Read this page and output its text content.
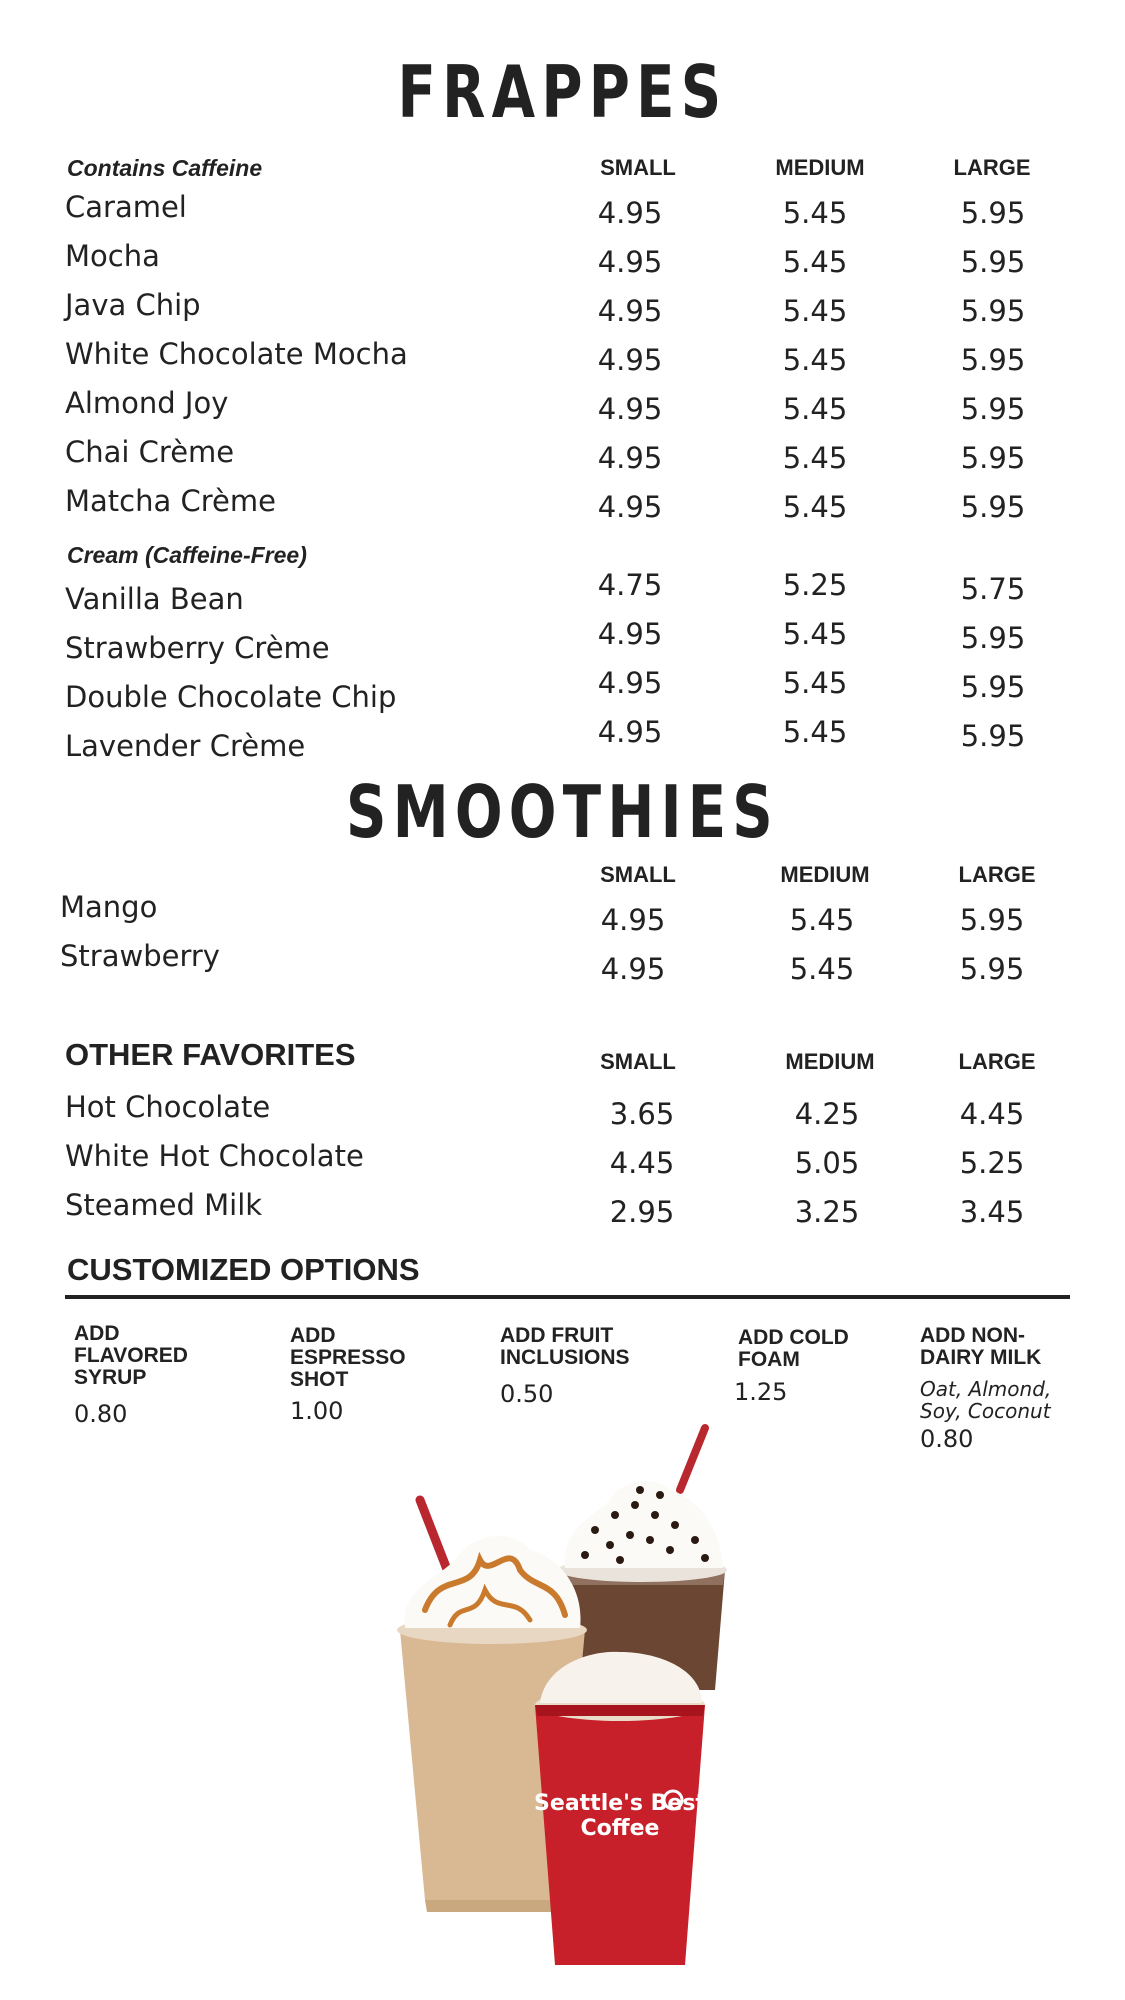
FRAPPES
Contains Caffeine	SMALL	MEDIUM	LARGE
Caramel	4.95	5.45	5.95
Mocha	4.95	5.45	5.95
Java Chip	4.95	5.45	5.95
White Chocolate Mocha	4.95	5.45	5.95
Almond Joy	4.95	5.45	5.95
Chai Crème	4.95	5.45	5.95
Matcha Crème	4.95	5.45	5.95
Cream (Caffeine-Free)
Vanilla Bean	4.75	5.25	5.75
Strawberry Crème	4.95	5.45	5.95
Double Chocolate Chip	4.95	5.45	5.95
Lavender Crème	4.95	5.45	5.95
SMOOTHIES
SMALL	MEDIUM	LARGE
Mango	4.95	5.45	5.95
Strawberry	4.95	5.45	5.95
OTHER FAVORITES	SMALL	MEDIUM	LARGE
Hot Chocolate	3.65	4.25	4.45
White Hot Chocolate	4.45	5.05	5.25
Steamed Milk	2.95	3.25	3.45
CUSTOMIZED OPTIONS
ADD
FLAVORED
SYRUP
0.80
ADD
ESPRESSO
SHOT
1.00
ADD FRUIT
INCLUSIONS
0.50
ADD COLD
FOAM
1.25
ADD NON-
DAIRY MILK
Oat, Almond,
Soy, Coconut
0.80
Seattle's Best
Coffee
